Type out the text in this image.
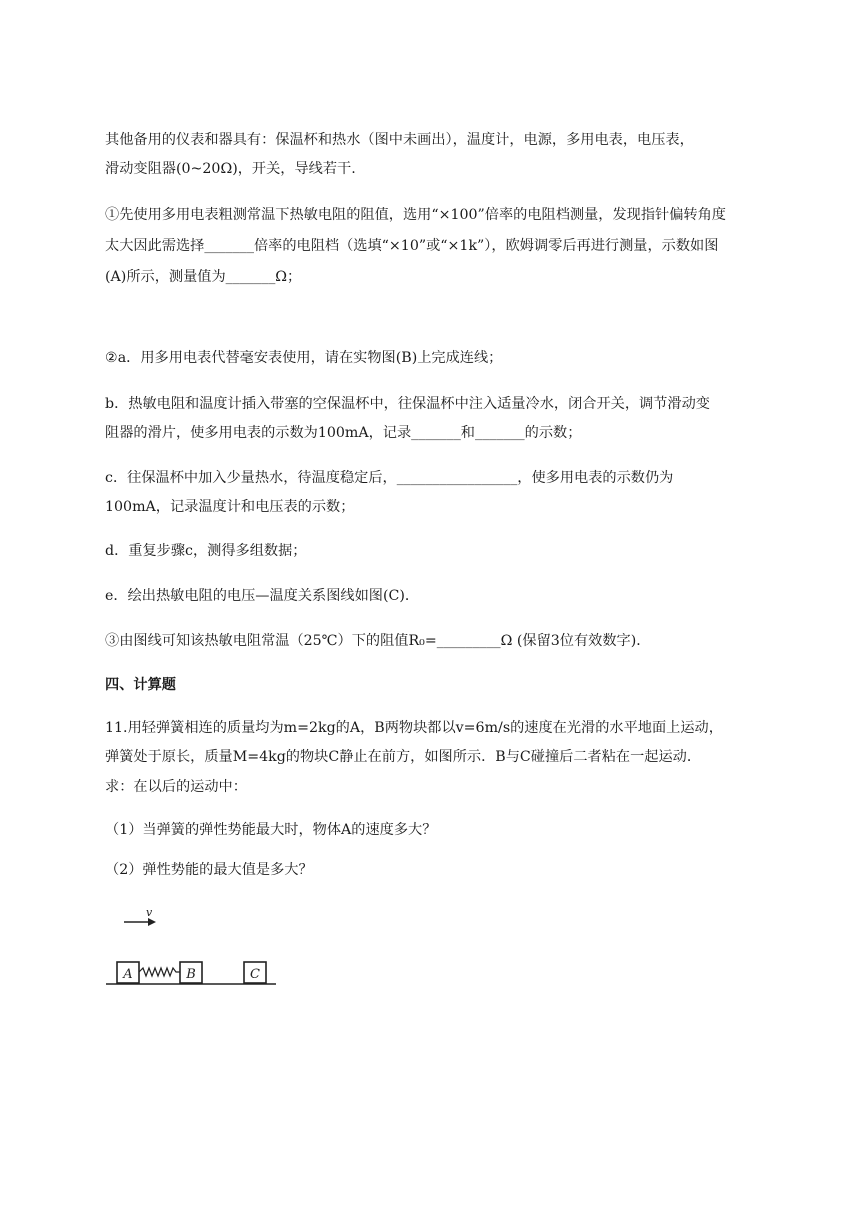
其他备用的仪表和器具有：保温杯和热水（图中未画出），温度计，电源，多用电表，电压表，
滑动变阻器(0~20Ω)，开关，导线若干.
①先使用多用电表粗测常温下热敏电阻的阻值，选用“×100”倍率的电阻档测量，发现指针偏转角度
太大因此需选择_______倍率的电阻档（选填“×10”或“×1k”），欧姆调零后再进行测量，示数如图
(A)所示，测量值为_______Ω；
②a．用多用电表代替毫安表使用，请在实物图(B)上完成连线；
b．热敏电阻和温度计插入带塞的空保温杯中，往保温杯中注入适量冷水，闭合开关，调节滑动变
阻器的滑片，使多用电表的示数为100mA，记录_______和_______的示数；
c．往保温杯中加入少量热水，待温度稳定后，_________________，使多用电表的示数仍为
100mA，记录温度计和电压表的示数；
d．重复步骤c，测得多组数据；
e．绘出热敏电阻的电压—温度关系图线如图(C)．
③由图线可知该热敏电阻常温（25℃）下的阻值R₀=_________Ω (保留3位有效数字)．
四、计算题
11.用轻弹簧相连的质量均为m=2kg的A，B两物块都以v=6m/s的速度在光滑的水平地面上运动，
弹簧处于原长，质量M=4kg的物块C静止在前方，如图所示．B与C碰撞后二者粘在一起运动．
求：在以后的运动中：
（1）当弹簧的弹性势能最大时，物体A的速度多大？
（2）弹性势能的最大值是多大？
v
A	B	C
